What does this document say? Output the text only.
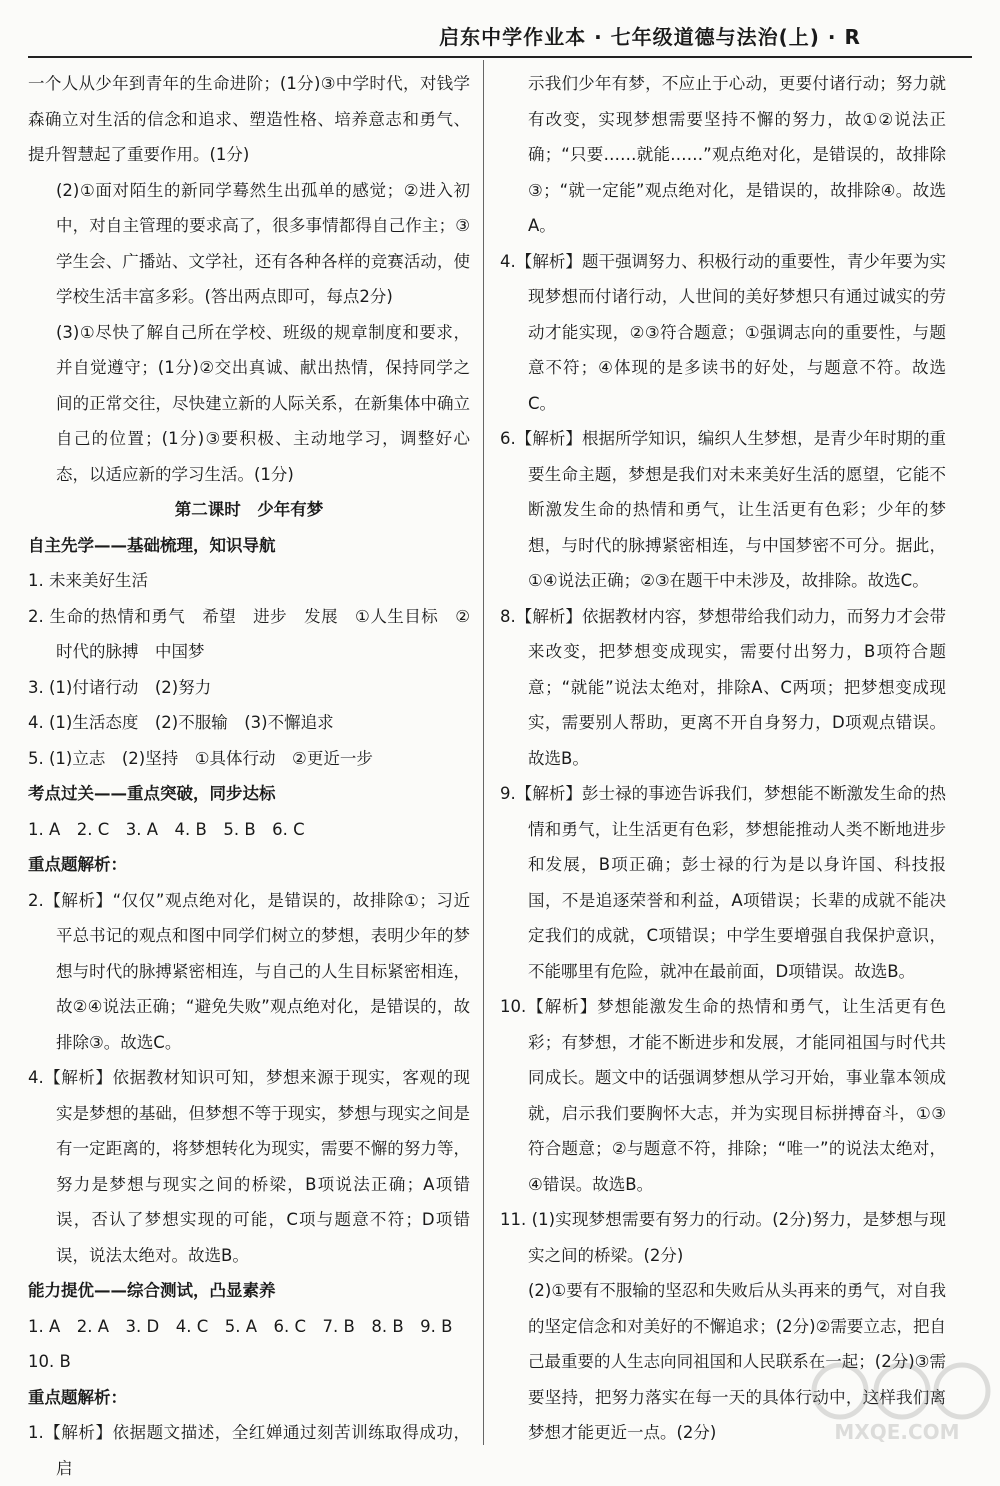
启东中学作业本 · 七年级道德与法治(上) · R

一个人从少年到青年的生命进阶；(1分)③中学时代，对钱学森确立对生活的信念和追求、塑造性格、培养意志和勇气、提升智慧起了重要作用。(1分)

(2)①面对陌生的新同学蓦然生出孤单的感觉；②进入初中，对自主管理的要求高了，很多事情都得自己作主；③学生会、广播站、文学社，还有各种各样的竞赛活动，使学校生活丰富多彩。(答出两点即可，每点2分)

(3)①尽快了解自己所在学校、班级的规章制度和要求，并自觉遵守；(1分)②交出真诚、献出热情，保持同学之间的正常交往，尽快建立新的人际关系，在新集体中确立自己的位置；(1分)③要积极、主动地学习，调整好心态，以适应新的学习生活。(1分)

第二课时　少年有梦

自主先学——基础梳理，知识导航

1. 未来美好生活

2. 生命的热情和勇气　希望　进步　发展　①人生目标　②时代的脉搏　中国梦

3. (1)付诸行动　(2)努力

4. (1)生活态度　(2)不服输　(3)不懈追求

5. (1)立志　(2)坚持　①具体行动　②更近一步

考点过关——重点突破，同步达标

1. A　2. C　3. A　4. B　5. B　6. C

重点题解析：

2.【解析】“仅仅”观点绝对化，是错误的，故排除①；习近平总书记的观点和图中同学们树立的梦想，表明少年的梦想与时代的脉搏紧密相连，与自己的人生目标紧密相连，故②④说法正确；“避免失败”观点绝对化，是错误的，故排除③。故选C。

4.【解析】依据教材知识可知，梦想来源于现实，客观的现实是梦想的基础，但梦想不等于现实，梦想与现实之间是有一定距离的，将梦想转化为现实，需要不懈的努力等，努力是梦想与现实之间的桥梁，B项说法正确；A项错误，否认了梦想实现的可能，C项与题意不符；D项错误，说法太绝对。故选B。

能力提优——综合测试，凸显素养

1. A　2. A　3. D　4. C　5. A　6. C　7. B　8. B　9. B

10. B

重点题解析：

1.【解析】依据题文描述，全红婵通过刻苦训练取得成功，启

示我们少年有梦，不应止于心动，更要付诸行动；努力就有改变，实现梦想需要坚持不懈的努力，故①②说法正确；“只要……就能……”观点绝对化，是错误的，故排除③；“就一定能”观点绝对化，是错误的，故排除④。故选A。

4.【解析】题干强调努力、积极行动的重要性，青少年要为实现梦想而付诸行动，人世间的美好梦想只有通过诚实的劳动才能实现，②③符合题意；①强调志向的重要性，与题意不符；④体现的是多读书的好处，与题意不符。故选C。

6.【解析】根据所学知识，编织人生梦想，是青少年时期的重要生命主题，梦想是我们对未来美好生活的愿望，它能不断激发生命的热情和勇气，让生活更有色彩；少年的梦想，与时代的脉搏紧密相连，与中国梦密不可分。据此，①④说法正确；②③在题干中未涉及，故排除。故选C。

8.【解析】依据教材内容，梦想带给我们动力，而努力才会带来改变，把梦想变成现实，需要付出努力，B项符合题意；“就能”说法太绝对，排除A、C两项；把梦想变成现实，需要别人帮助，更离不开自身努力，D项观点错误。故选B。

9.【解析】彭士禄的事迹告诉我们，梦想能不断激发生命的热情和勇气，让生活更有色彩，梦想能推动人类不断地进步和发展，B项正确；彭士禄的行为是以身许国、科技报国，不是追逐荣誉和利益，A项错误；长辈的成就不能决定我们的成就，C项错误；中学生要增强自我保护意识，不能哪里有危险，就冲在最前面，D项错误。故选B。

10.【解析】梦想能激发生命的热情和勇气，让生活更有色彩；有梦想，才能不断进步和发展，才能同祖国与时代共同成长。题文中的话强调梦想从学习开始，事业靠本领成就，启示我们要胸怀大志，并为实现目标拼搏奋斗，①③符合题意；②与题意不符，排除；“唯一”的说法太绝对，④错误。故选B。

11. (1)实现梦想需要有努力的行动。(2分)努力，是梦想与现实之间的桥梁。(2分)

(2)①要有不服输的坚忍和失败后从头再来的勇气，对自我的坚定信念和对美好的不懈追求；(2分)②需要立志，把自己最重要的人生志向同祖国和人民联系在一起；(2分)③需要坚持，把努力落实在每一天的具体行动中，这样我们离梦想才能更近一点。(2分)	MXQE.COM
